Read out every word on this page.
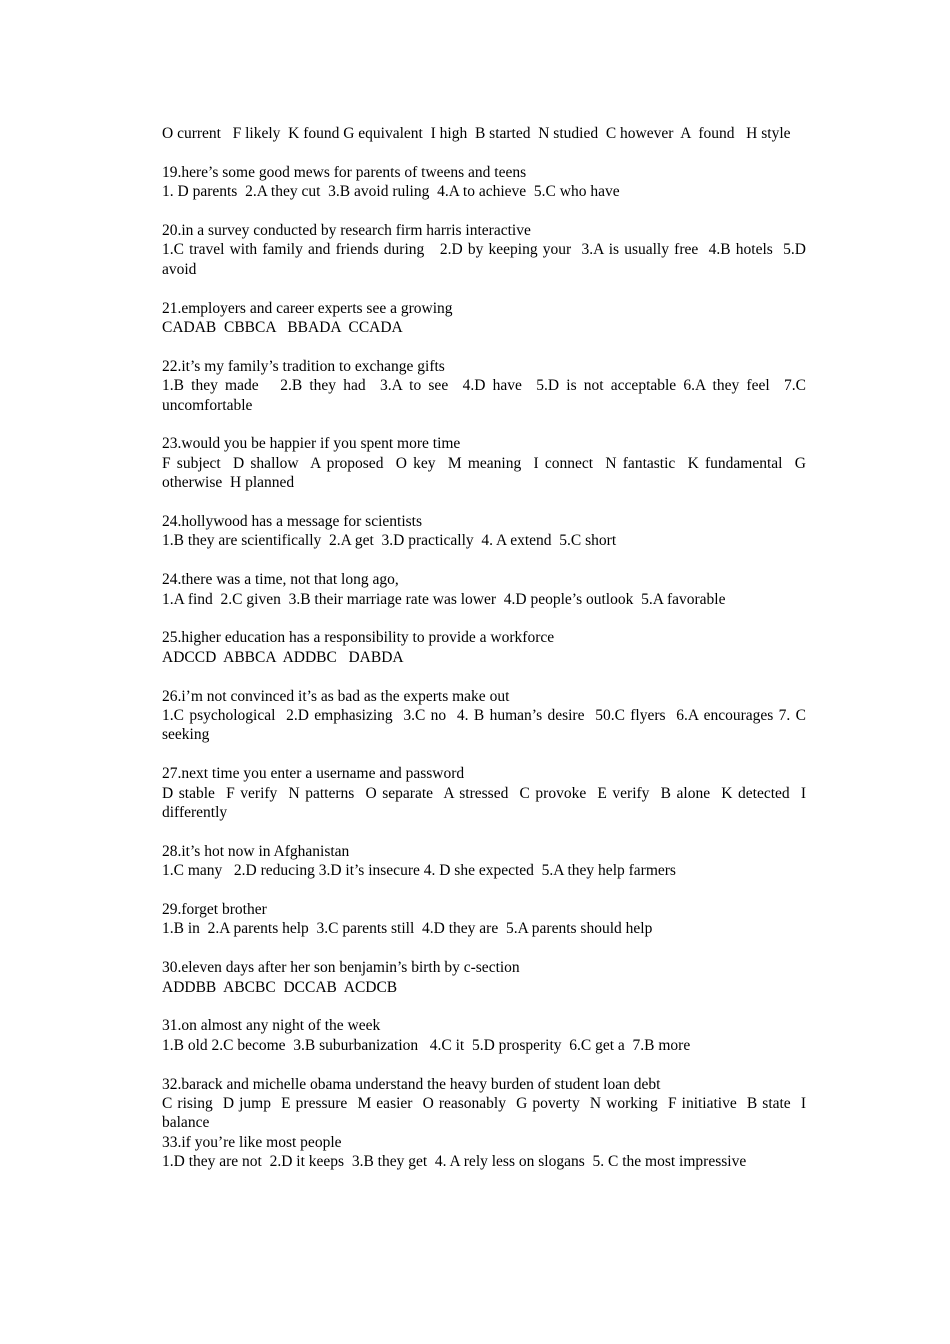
O current   F likely  K found G equivalent  I high  B started  N studied  C however  A  found   H style
19.here’s some good mews for parents of tweens and teens
1. D parents  2.A they cut  3.B avoid ruling  4.A to achieve  5.C who have
20.in a survey conducted by research firm harris interactive
1.C travel with family and friends during   2.D by keeping your  3.A is usually free  4.B hotels  5.D avoid
21.employers and career experts see a growing
CADAB  CBBCA   BBADA  CCADA
22.it’s my family’s tradition to exchange gifts
1.B they made   2.B they had  3.A to see  4.D have  5.D is not acceptable 6.A they feel  7.C uncomfortable
23.would you be happier if you spent more time
F subject  D shallow  A proposed  O key  M meaning  I connect  N fantastic  K fundamental  G otherwise  H planned
24.hollywood has a message for scientists
1.B they are scientifically  2.A get  3.D practically  4. A extend  5.C short
24.there was a time, not that long ago,
1.A find  2.C given  3.B their marriage rate was lower  4.D people’s outlook  5.A favorable
25.higher education has a responsibility to provide a workforce
ADCCD  ABBCA  ADDBC   DABDA
26.i’m not convinced it’s as bad as the experts make out
1.C psychological  2.D emphasizing  3.C no  4. B human’s desire  50.C flyers  6.A encourages 7. C seeking
27.next time you enter a username and password
D stable  F verify  N patterns  O separate  A stressed  C provoke  E verify  B alone  K detected  I differently
28.it’s hot now in Afghanistan
1.C many   2.D reducing 3.D it’s insecure 4. D she expected  5.A they help farmers
29.forget brother
1.B in  2.A parents help  3.C parents still  4.D they are  5.A parents should help
30.eleven days after her son benjamin’s birth by c-section
ADDBB  ABCBC  DCCAB  ACDCB
31.on almost any night of the week
1.B old 2.C become  3.B suburbanization   4.C it  5.D prosperity  6.C get a  7.B more
32.barack and michelle obama understand the heavy burden of student loan debt
C rising  D jump  E pressure  M easier  O reasonably  G poverty  N working  F initiative  B state  I balance
33.if you’re like most people
1.D they are not  2.D it keeps  3.B they get  4. A rely less on slogans  5. C the most impressive
